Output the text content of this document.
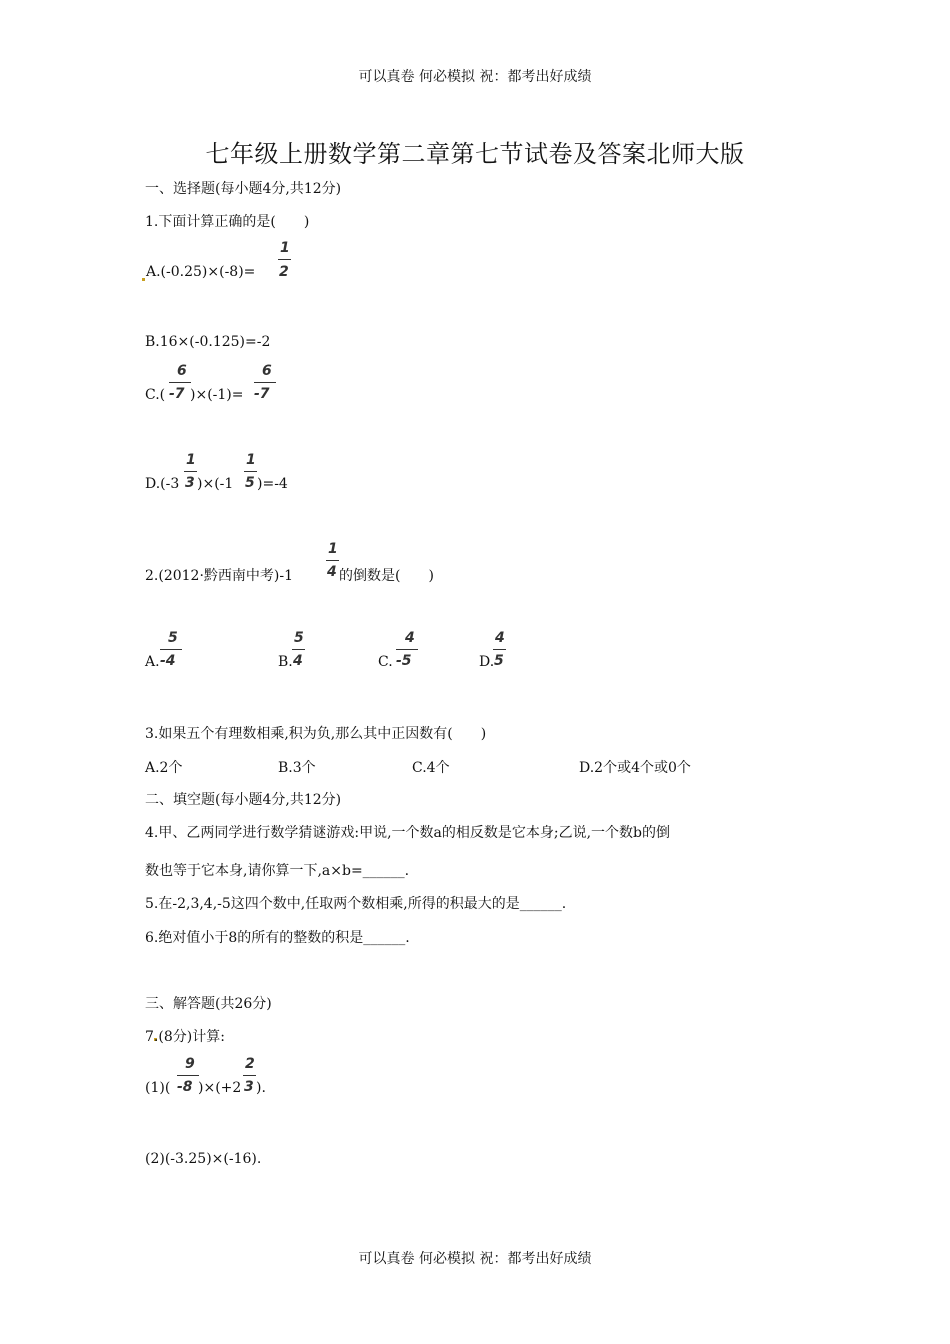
可以真卷 何必模拟 祝：都考出好成绩
七年级上册数学第二章第七节试卷及答案北师大版
一、选择题(每小题4分,共12分)
1.下面计算正确的是(　　)
A.(-0.25)×(-8)=
1
2
B.16×(-0.125)=-2
C.(
6
-7 )×(-1)=
6
-7
D.(-3
1
3 )×(-1
1
5 )=-4
2.(2012·黔西南中考)-1
1
4 的倒数是(　　)
A.
5
-4	B.
5
4	C.
4
-5	D.
4
5
3.如果五个有理数相乘,积为负,那么其中正因数有(　　)
A.2个	B.3个	C.4个	D.2个或4个或0个
二、填空题(每小题4分,共12分)
4.甲、乙两同学进行数学猜谜游戏:甲说,一个数a的相反数是它本身;乙说,一个数b的倒
数也等于它本身,请你算一下,a×b=______.
5.在-2,3,4,-5这四个数中,任取两个数相乘,所得的积最大的是______.
6.绝对值小于8的所有的整数的积是______.
三、解答题(共26分)
7.(8分)计算:
(1)(
9
-8 )×(+2
2
3 ).
(2)(-3.25)×(-16).
可以真卷 何必模拟 祝：都考出好成绩
